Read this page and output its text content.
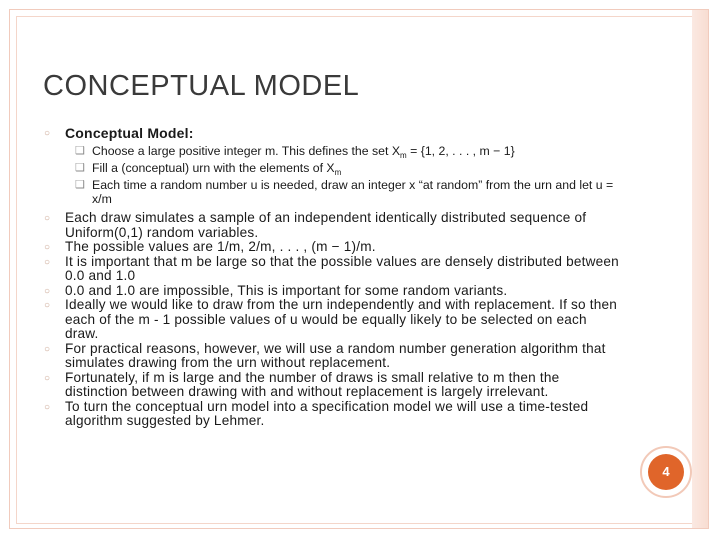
CONCEPTUAL MODEL
○	Conceptual Model:
❑ Choose a large positive integer m. This defines the set $X_m = \{1$, 2, . . . , m − 1}
❑ Fill a (conceptual) urn with the elements of $X_m$
❑ Each time a random number u is needed, draw an integer x “at random” from the urn and let u = x/m
○	Each draw simulates a sample of an independent identically distributed sequence of Uniform(0,1) random variables.
○	The possible values are 1/m, 2/m, . . . , (m − 1)/m.
○	It is important that m be large so that the possible values are densely distributed between 0.0 and 1.0
○	0.0 and 1.0 are impossible, This is important for some random variants.
○	Ideally we would like to draw from the urn independently and with replacement. If so then each of the m - 1 possible values of u would be equally likely to be selected on each draw.
○	For practical reasons, however, we will use a random number generation algorithm that simulates drawing from the urn without replacement.
○	Fortunately, if m is large and the number of draws is small relative to m then the distinction between drawing with and without replacement is largely irrelevant.
○	To turn the conceptual urn model into a specification model we will use a time-tested algorithm suggested by Lehmer.
4
